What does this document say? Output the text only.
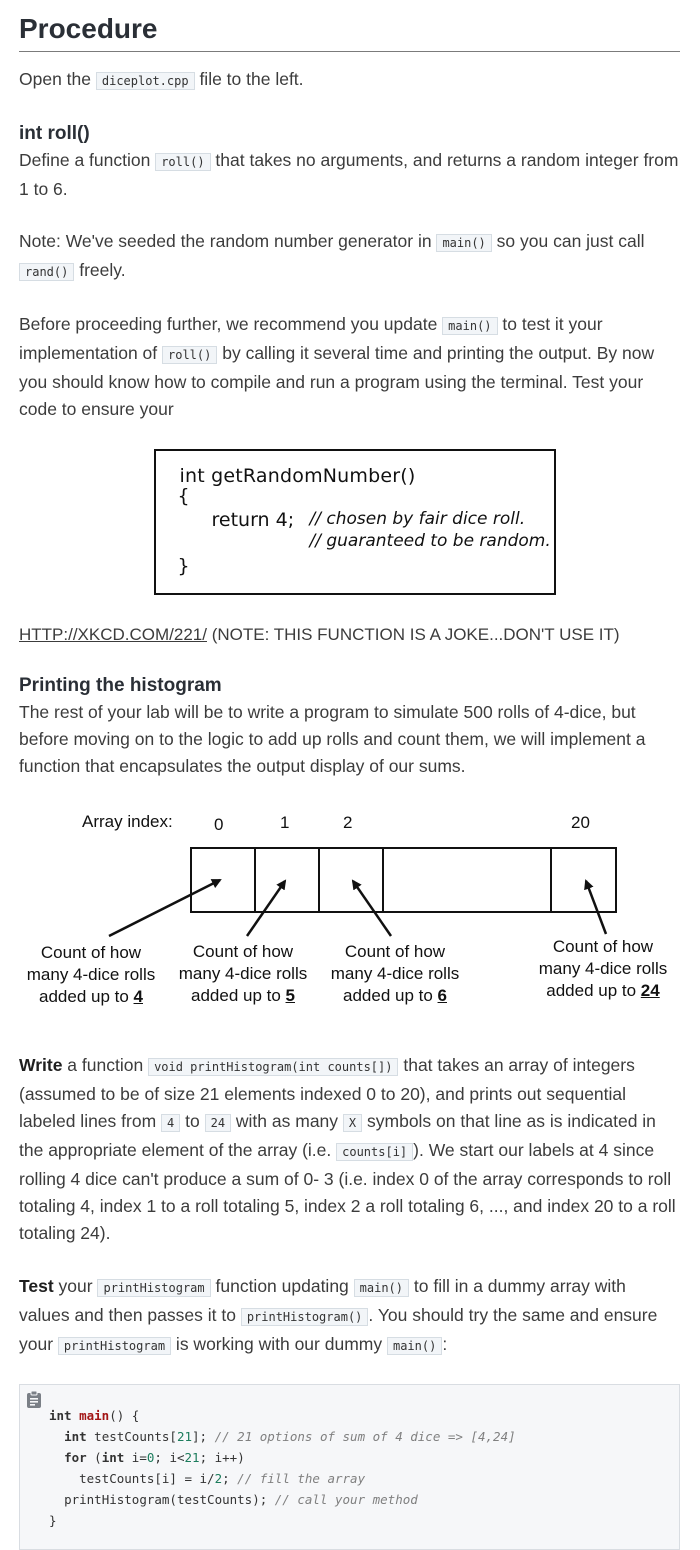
Procedure

Open the diceplot.cpp file to the left.

int roll()

Define a function roll() that takes no arguments, and returns a random integer from 1 to 6.

Note: We've seeded the random number generator in main() so you can just call rand() freely.

Before proceeding further, we recommend you update main() to test it your implementation of roll() by calling it several time and printing the output. By now you should know how to compile and run a program using the terminal. Test your code to ensure your

int getRandomNumber()
{
return 4; // chosen by fair dice roll.
// guaranteed to be random.
}
HTTP://XKCD.COM/221/ (NOTE: THIS FUNCTION IS A JOKE...DON'T USE IT)
Printing the histogram

The rest of your lab will be to write a program to simulate 500 rolls of 4-dice, but before moving on to the logic to add up rolls and count them, we will implement a function that encapsulates the output display of our sums.

Array index: 0	1	2	20
Count of how
many 4-dice rolls
added up to 4
Count of how
many 4-dice rolls
added up to 5
Count of how
many 4-dice rolls
added up to 6
Count of how
many 4-dice rolls
added up to 24

Write a function void printHistogram(int counts[]) that takes an array of integers (assumed to be of size 21 elements indexed 0 to 20), and prints out sequential labeled lines from 4 to 24 with as many X symbols on that line as is indicated in the appropriate element of the array (i.e. counts[i] ). We start our labels at 4 since rolling 4 dice can't produce a sum of 0- 3 (i.e. index 0 of the array corresponds to roll totaling 4, index 1 to a roll totaling 5, index 2 a roll totaling 6, ..., and index 20 to a roll totaling 24).

Test your printHistogram function updating main() to fill in a dummy array with values and then passes it to printHistogram() . You should try the same and ensure your printHistogram is working with our dummy main() :

int main() {
int testCounts[21]; // 21 options of sum of 4 dice => [4,24]
for (int i=0; i<21; i++)
testCounts[i] = i/2; // fill the array
printHistogram(testCounts); // call your method
}
